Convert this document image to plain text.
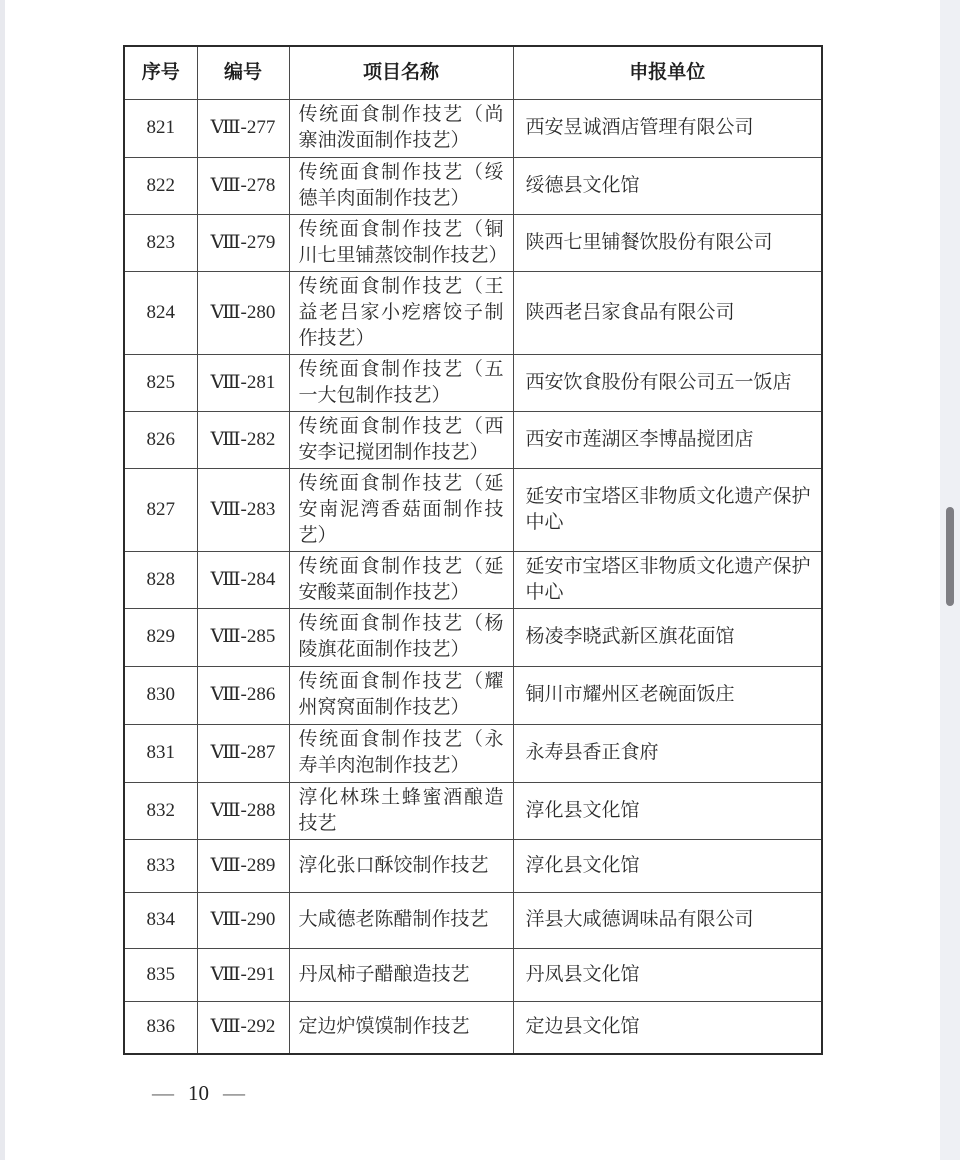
序号	编号	项目名称	申报单位
821	Ⅷ-277	传统面食制作技艺（尚寨油泼面制作技艺）	西安昱诚酒店管理有限公司
822	Ⅷ-278	传统面食制作技艺（绥德羊肉面制作技艺）	绥德县文化馆
823	Ⅷ-279	传统面食制作技艺（铜川七里铺蒸饺制作技艺）	陕西七里铺餐饮股份有限公司
824	Ⅷ-280	传统面食制作技艺（王益老吕家小疙瘩饺子制作技艺）	陕西老吕家食品有限公司
825	Ⅷ-281	传统面食制作技艺（五一大包制作技艺）	西安饮食股份有限公司五一饭店
826	Ⅷ-282	传统面食制作技艺（西安李记搅团制作技艺）	西安市莲湖区李博晶搅团店
827	Ⅷ-283	传统面食制作技艺（延安南泥湾香菇面制作技艺）	延安市宝塔区非物质文化遗产保护中心
828	Ⅷ-284	传统面食制作技艺（延安酸菜面制作技艺）	延安市宝塔区非物质文化遗产保护中心
829	Ⅷ-285	传统面食制作技艺（杨陵旗花面制作技艺）	杨凌李晓武新区旗花面馆
830	Ⅷ-286	传统面食制作技艺（耀州窝窝面制作技艺）	铜川市耀州区老碗面饭庄
831	Ⅷ-287	传统面食制作技艺（永寿羊肉泡制作技艺）	永寿县香正食府
832	Ⅷ-288	淳化林珠土蜂蜜酒酿造技艺	淳化县文化馆
833	Ⅷ-289	淳化张口酥饺制作技艺	淳化县文化馆
834	Ⅷ-290	大咸德老陈醋制作技艺	洋县大咸德调味品有限公司
835	Ⅷ-291	丹凤柿子醋酿造技艺	丹凤县文化馆
836	Ⅷ-292	定边炉馍馍制作技艺	定边县文化馆
— 10 —
